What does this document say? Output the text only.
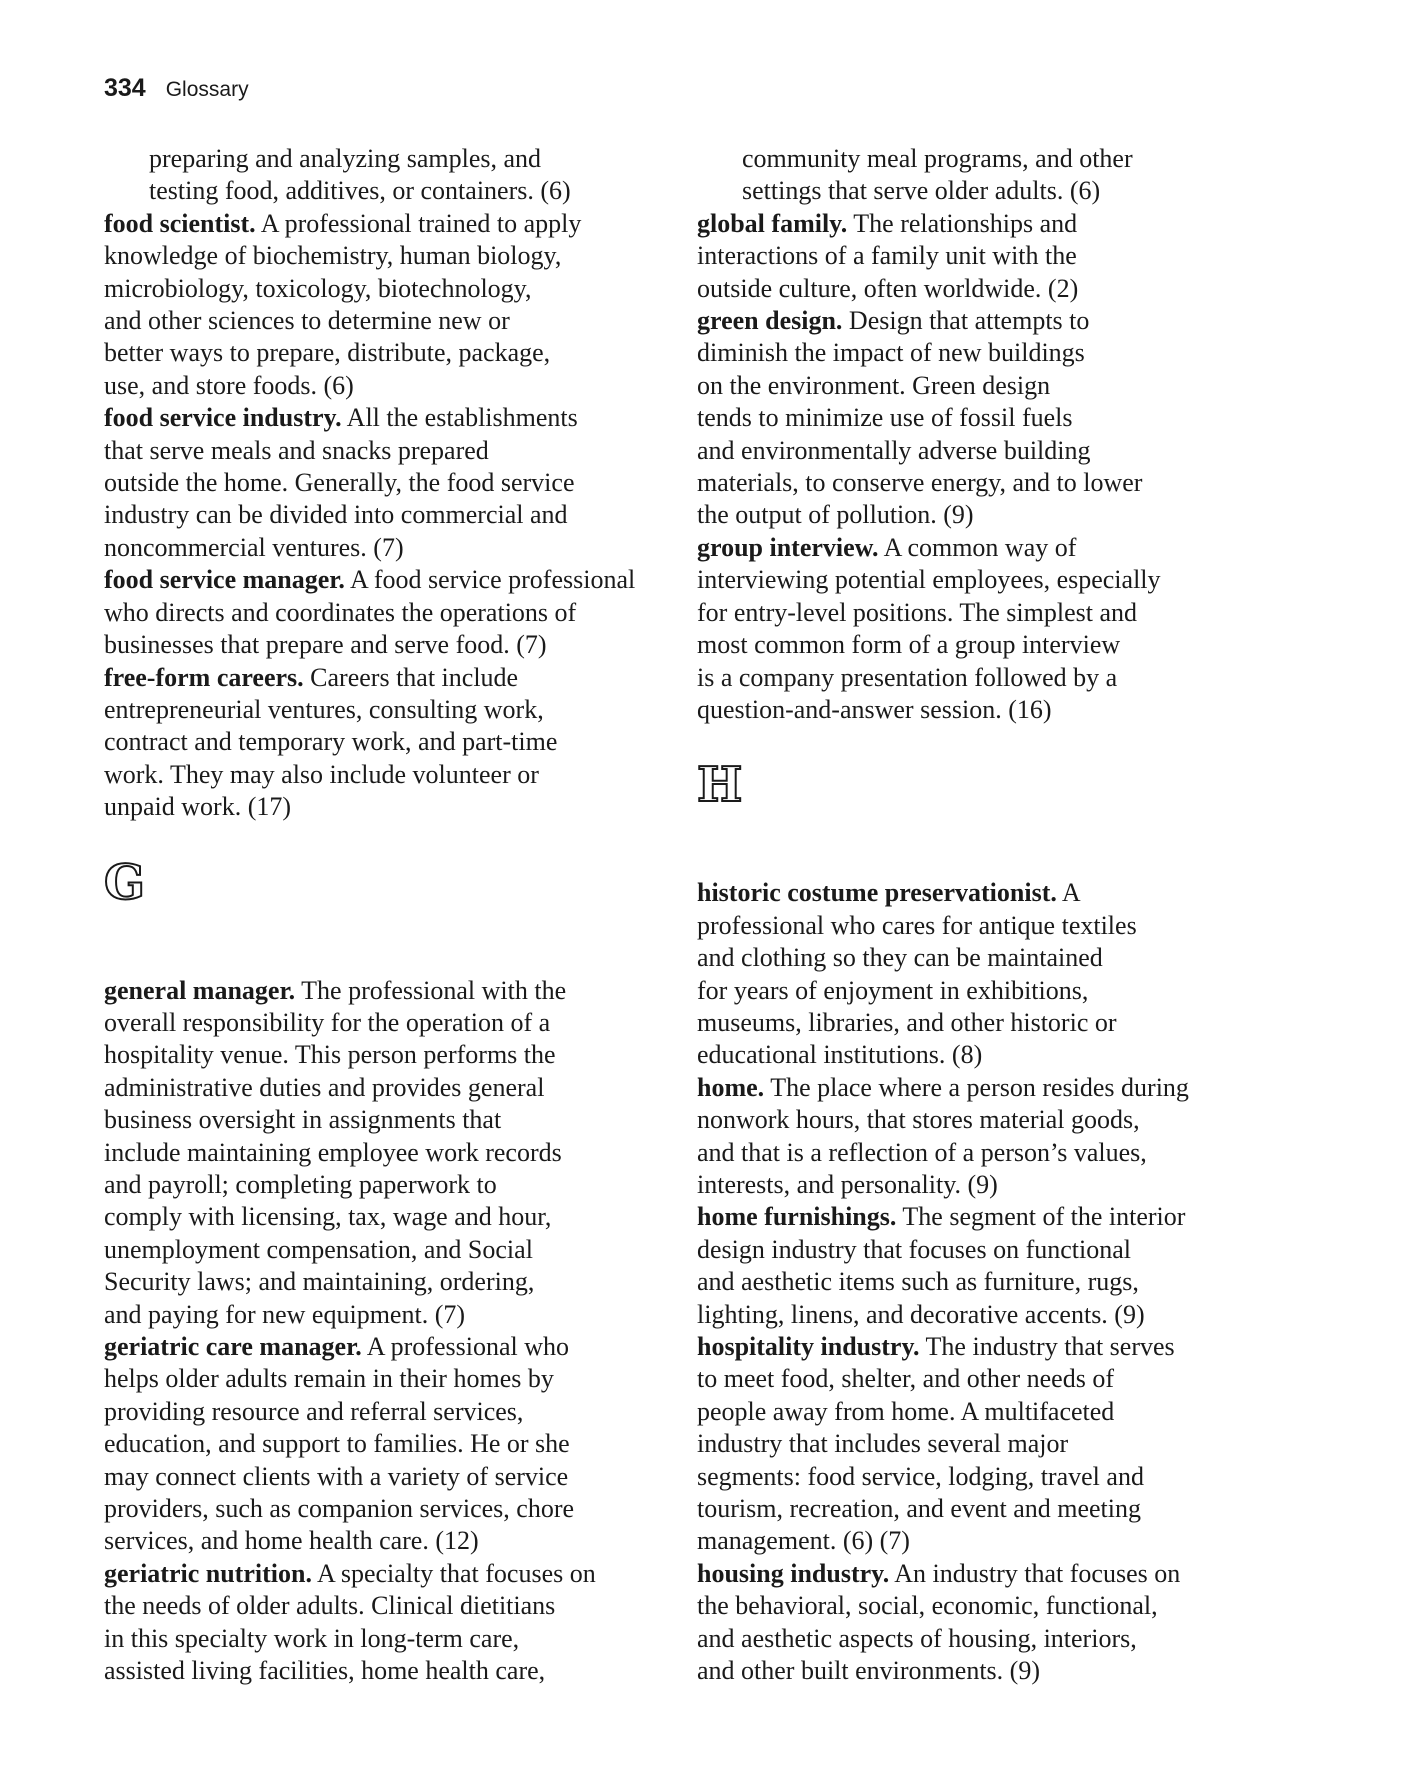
334 Glossary
preparing and analyzing samples, and
testing food, additives, or containers. (6)

food scientist. A professional trained to apply
knowledge of biochemistry, human biology,
microbiology, toxicology, biotechnology,
and other sciences to determine new or
better ways to prepare, distribute, package,
use, and store foods. (6)

food service industry. All the establishments
that serve meals and snacks prepared
outside the home. Generally, the food service
industry can be divided into commercial and
noncommercial ventures. (7)

food service manager. A food service professional
who directs and coordinates the operations of
businesses that prepare and serve food. (7)

free-form careers. Careers that include
entrepreneurial ventures, consulting work,
contract and temporary work, and part-time
work. They may also include volunteer or
unpaid work. (17)

G

general manager. The professional with the
overall responsibility for the operation of a
hospitality venue. This person performs the
administrative duties and provides general
business oversight in assignments that
include maintaining employee work records
and payroll; completing paperwork to
comply with licensing, tax, wage and hour,
unemployment compensation, and Social
Security laws; and maintaining, ordering,
and paying for new equipment. (7)

geriatric care manager. A professional who
helps older adults remain in their homes by
providing resource and referral services,
education, and support to families. He or she
may connect clients with a variety of service
providers, such as companion services, chore
services, and home health care. (12)

geriatric nutrition. A specialty that focuses on
the needs of older adults. Clinical dietitians
in this specialty work in long-term care,
assisted living facilities, home health care,

community meal programs, and other
settings that serve older adults. (6)

global family. The relationships and
interactions of a family unit with the
outside culture, often worldwide. (2)

green design. Design that attempts to
diminish the impact of new buildings
on the environment. Green design
tends to minimize use of fossil fuels
and environmentally adverse building
materials, to conserve energy, and to lower
the output of pollution. (9)

group interview. A common way of
interviewing potential employees, especially
for entry-level positions. The simplest and
most common form of a group interview
is a company presentation followed by a
question-and-answer session. (16)

H

historic costume preservationist. A
professional who cares for antique textiles
and clothing so they can be maintained
for years of enjoyment in exhibitions,
museums, libraries, and other historic or
educational institutions. (8)

home. The place where a person resides during
nonwork hours, that stores material goods,
and that is a reflection of a person’s values,
interests, and personality. (9)

home furnishings. The segment of the interior
design industry that focuses on functional
and aesthetic items such as furniture, rugs,
lighting, linens, and decorative accents. (9)

hospitality industry. The industry that serves
to meet food, shelter, and other needs of
people away from home. A multifaceted
industry that includes several major
segments: food service, lodging, travel and
tourism, recreation, and event and meeting
management. (6) (7)

housing industry. An industry that focuses on
the behavioral, social, economic, functional,
and aesthetic aspects of housing, interiors,
and other built environments. (9)
